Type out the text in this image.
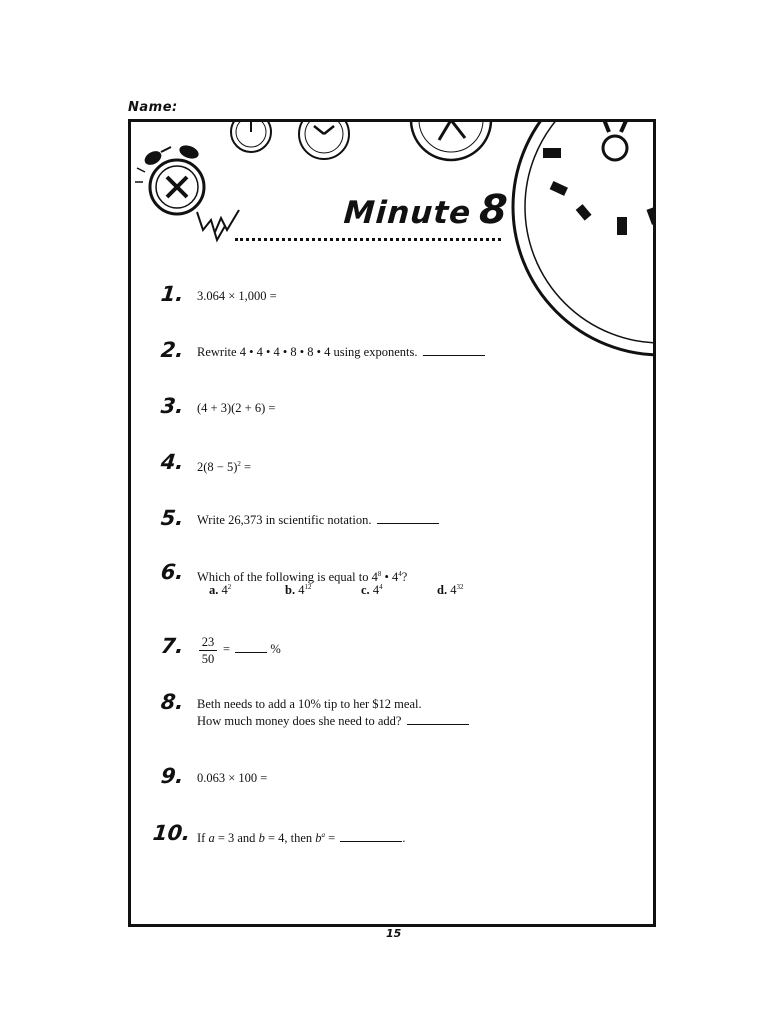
Name:
Minute 8
1. 3.064 × 1,000 =
2. Rewrite 4 • 4 • 4 • 8 • 8 • 4 using exponents.
3. (4 + 3)(2 + 6) =
4. $2(8 - 5)^2$ =
5. Write 26,373 in scientific notation.
6. Which of the following is equal to $4^8$ • $4^4$?
a. $4^2$	b. $4^{12}$	c. $4^4$	d. $4^{32}$
7. 23
50
=	%
8. Beth needs to add a 10% tip to her $12 meal.
How much money does she need to add?
9. 0.063 × 100 =
10. If a = 3 and b = 4, then $b^a$ =	.
15
